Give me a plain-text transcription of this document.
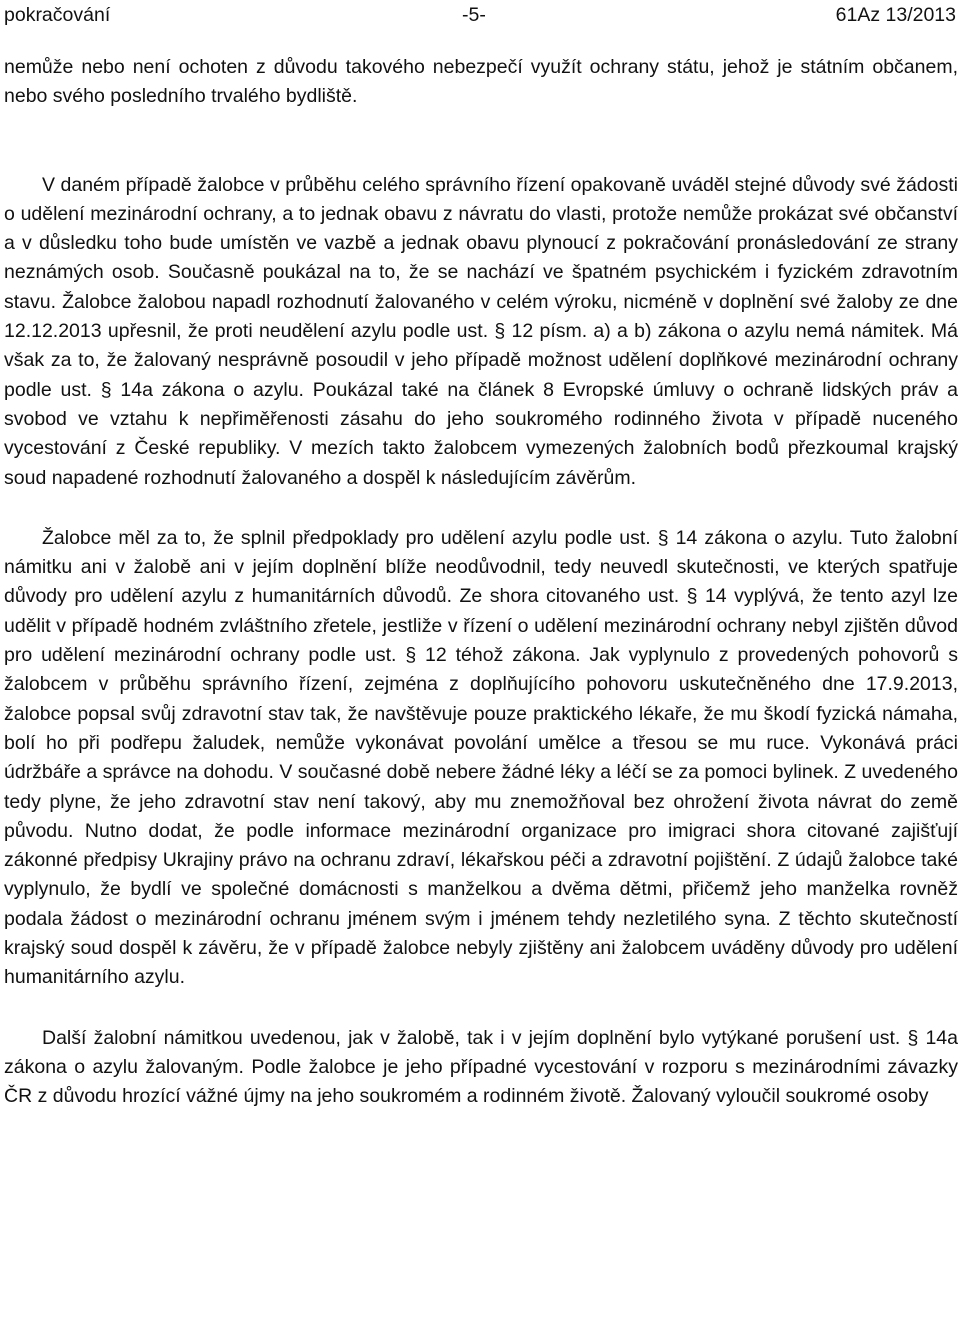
pokračování	-5-	61Az 13/2013

nemůže nebo není ochoten z důvodu takového nebezpečí využít ochrany státu, jehož je státním občanem, nebo svého posledního trvalého bydliště.

V daném případě žalobce v průběhu celého správního řízení opakovaně uváděl stejné důvody své žádosti o udělení mezinárodní ochrany, a to jednak obavu z návratu do vlasti, protože nemůže prokázat své občanství a v důsledku toho bude umístěn ve vazbě a jednak obavu plynoucí z pokračování pronásledování ze strany neznámých osob. Současně poukázal na to, že se nachází ve špatném psychickém i fyzickém zdravotním stavu. Žalobce žalobou napadl rozhodnutí žalovaného v celém výroku, nicméně v doplnění své žaloby ze dne 12.12.2013 upřesnil, že proti neudělení azylu podle ust. § 12 písm. a) a b) zákona o azylu nemá námitek. Má však za to, že žalovaný nesprávně posoudil v jeho případě možnost udělení doplňkové mezinárodní ochrany podle ust. § 14a zákona o azylu. Poukázal také na článek 8 Evropské úmluvy o ochraně lidských práv a svobod ve vztahu k nepřiměřenosti zásahu do jeho soukromého rodinného života v případě nuceného vycestování z České republiky. V mezích takto žalobcem vymezených žalobních bodů přezkoumal krajský soud napadené rozhodnutí žalovaného a dospěl k následujícím závěrům.

Žalobce měl za to, že splnil předpoklady pro udělení azylu podle ust. § 14 zákona o azylu. Tuto žalobní námitku ani v žalobě ani v jejím doplnění blíže neodůvodnil, tedy neuvedl skutečnosti, ve kterých spatřuje důvody pro udělení azylu z humanitárních důvodů. Ze shora citovaného ust. § 14 vyplývá, že tento azyl lze udělit v případě hodném zvláštního zřetele, jestliže v řízení o udělení mezinárodní ochrany nebyl zjištěn důvod pro udělení mezinárodní ochrany podle ust. § 12 téhož zákona. Jak vyplynulo z provedených pohovorů s žalobcem v průběhu správního řízení, zejména z doplňujícího pohovoru uskutečněného dne 17.9.2013, žalobce popsal svůj zdravotní stav tak, že navštěvuje pouze praktického lékaře, že mu škodí fyzická námaha, bolí ho při podřepu žaludek, nemůže vykonávat povolání umělce a třesou se mu ruce. Vykonává práci údržbáře a správce na dohodu. V současné době nebere žádné léky a léčí se za pomoci bylinek. Z uvedeného tedy plyne, že jeho zdravotní stav není takový, aby mu znemožňoval bez ohrožení života návrat do země původu. Nutno dodat, že podle informace mezinárodní organizace pro imigraci shora citované zajišťují zákonné předpisy Ukrajiny právo na ochranu zdraví, lékařskou péči a zdravotní pojištění. Z údajů žalobce také vyplynulo, že bydlí ve společné domácnosti s manželkou a dvěma dětmi, přičemž jeho manželka rovněž podala žádost o mezinárodní ochranu jménem svým i jménem tehdy nezletilého syna. Z těchto skutečností krajský soud dospěl k závěru, že v případě žalobce nebyly zjištěny ani žalobcem uváděny důvody pro udělení humanitárního azylu.

Další žalobní námitkou uvedenou, jak v žalobě, tak i v jejím doplnění bylo vytýkané porušení ust. § 14a zákona o azylu žalovaným. Podle žalobce je jeho případné vycestování v rozporu s mezinárodními závazky ČR z důvodu hrozící vážné újmy na jeho soukromém a rodinném životě. Žalovaný vyloučil soukromé osoby
